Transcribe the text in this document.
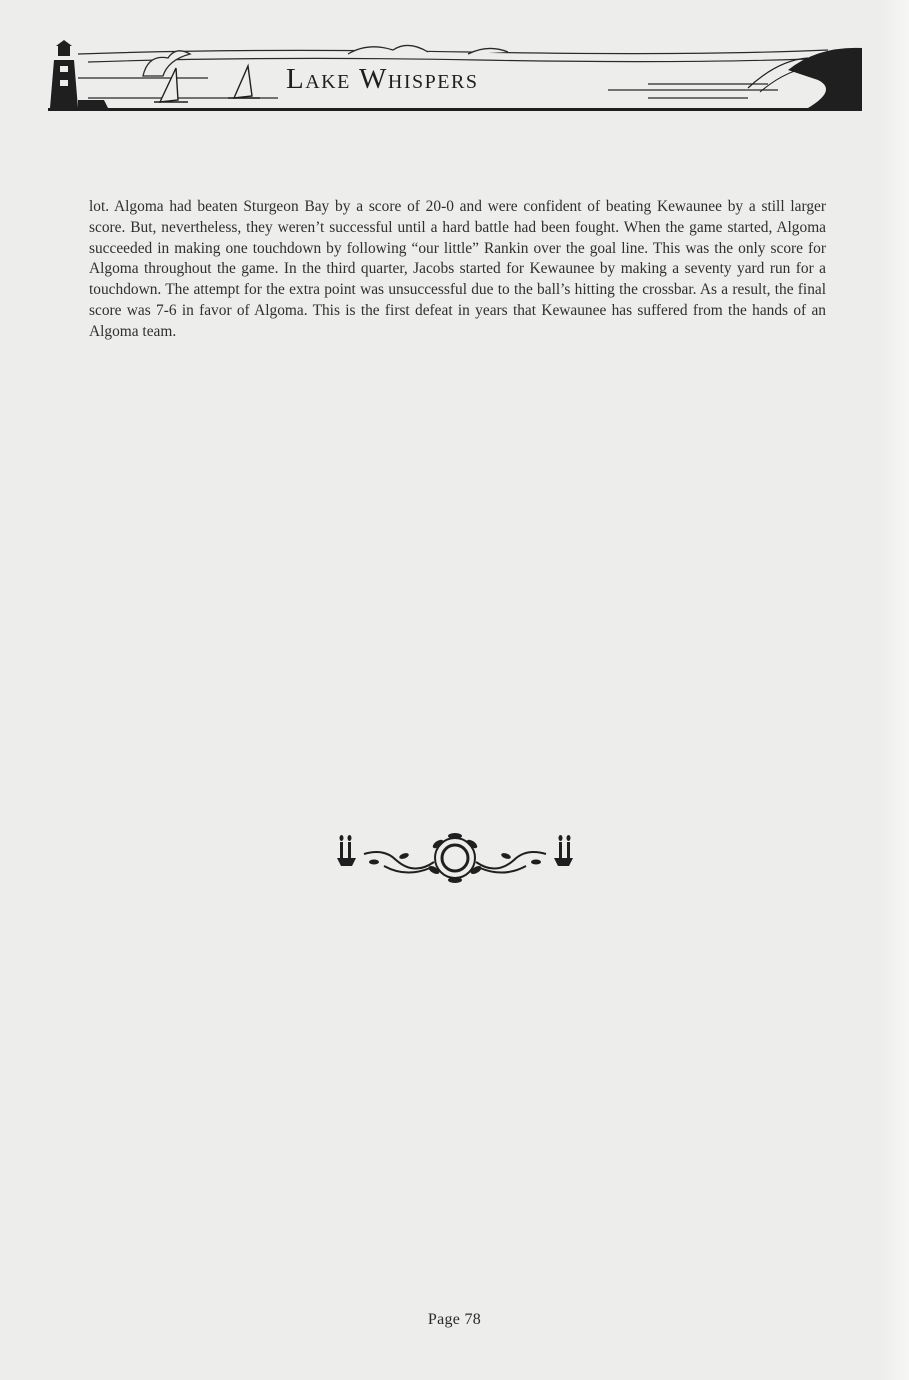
Lake Whispers

lot. Algoma had beaten Sturgeon Bay by a score of 20-0 and were confident of beating Kewaunee by a still larger score. But, nevertheless, they weren’t successful until a hard battle had been fought. When the game started, Algoma succeeded in making one touchdown by following “our little” Rankin over the goal line. This was the only score for Algoma throughout the game. In the third quarter, Jacobs started for Kewaunee by making a seventy yard run for a touchdown. The attempt for the extra point was unsuccessful due to the ball’s hitting the crossbar. As a result, the final score was 7-6 in favor of Algoma. This is the first defeat in years that Kewaunee has suffered from the hands of an Algoma team.

Page 78
